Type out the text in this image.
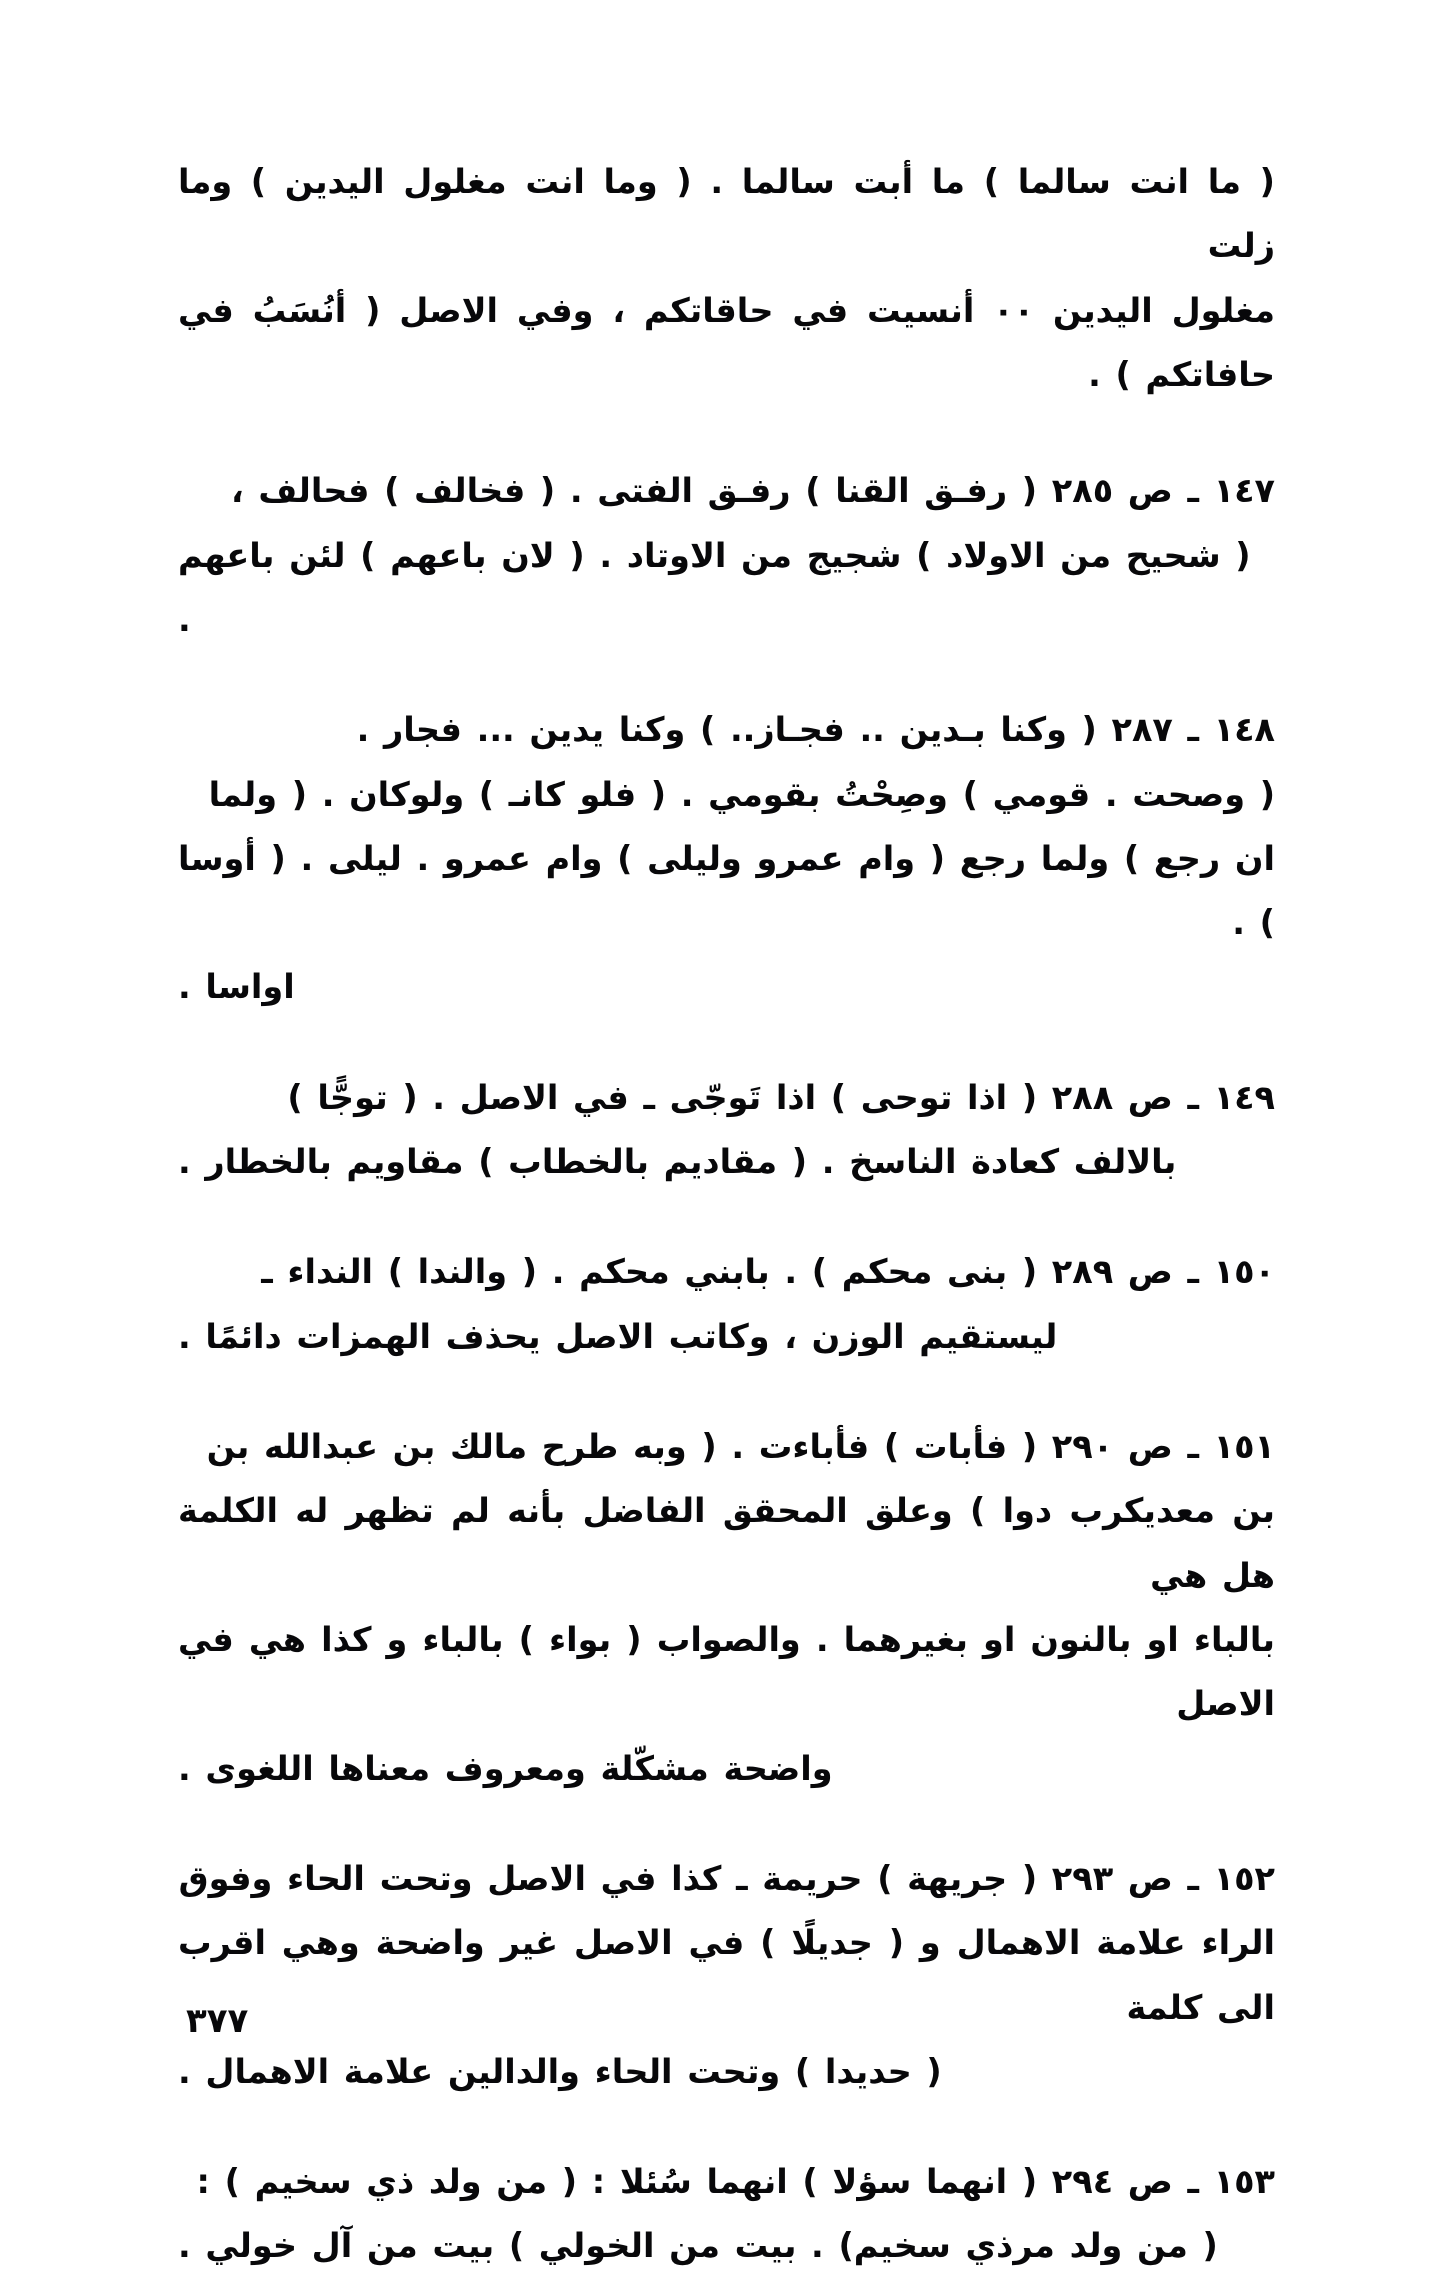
( ما انت سالما ) ما أبت سالما . ( وما انت مغلول اليدين ) وما زلت
مغلول اليدين ٠٠ أنسيت في حاقاتكم ، وفي الاصل ( أنُسَبُ في حافاتكم ) .
١٤٧ ـ ص ٢٨٥ ( رفـق القنا ) رفـق الفتى . ( فخالف ) فحالف ،
( شحيح من الاولاد ) شجيج من الاوتاد . ( لان باعهم ) لئن باعهم .
١٤٨ ـ ٢٨٧ ( وكنا بـدين .. فجـاز.. ) وكنا يدين ... فجار .
( وصحت . قومي ) وصِحْتُ بقومي . ( فلو كانـ ) ولوكان . ( ولما
ان رجع ) ولما رجع ( وام عمرو وليلى ) وام عمرو . ليلى . ( أوسا ) .
اواسا .
١٤٩ ـ ص ٢٨٨ ( اذا توحى ) اذا تَوجّى ـ في الاصل . ( توجًّا )
بالالف كعادة الناسخ . ( مقاديم بالخطاب ) مقاويم بالخطار .
١٥٠ ـ ص ٢٨٩ ( بنى محكم ) . بابني محكم . ( والندا ) النداء ـ
ليستقيم الوزن ، وكاتب الاصل يحذف الهمزات دائمًا .
١٥١ ـ ص ٢٩٠ ( فأبات ) فأباءت . ( وبه طرح مالك بن عبدالله بن
بن معديكرب دوا ) وعلق المحقق الفاضل بأنه لم تظهر له الكلمة هل هي
بالباء او بالنون او بغيرهما . والصواب ( بواء ) بالباء و كذا هي في الاصل
واضحة مشكّلة ومعروف معناها اللغوى .
١٥٢ ـ ص ٢٩٣ ( جريهة ) حريمة ـ كذا في الاصل وتحت الحاء وفوق
الراء علامة الاهمال و ( جديلًا ) في الاصل غير واضحة وهي اقرب الى كلمة
( حديدا ) وتحت الحاء والدالين علامة الاهمال .
١٥٣ ـ ص ٢٩٤ ( انهما سؤلا ) انهما سُئلا : ( من ولد ذي سخيم ) :
( من ولد مرذي سخيم) . بيت من الخولي ) بيت من آل خولي .
٣٧٧
